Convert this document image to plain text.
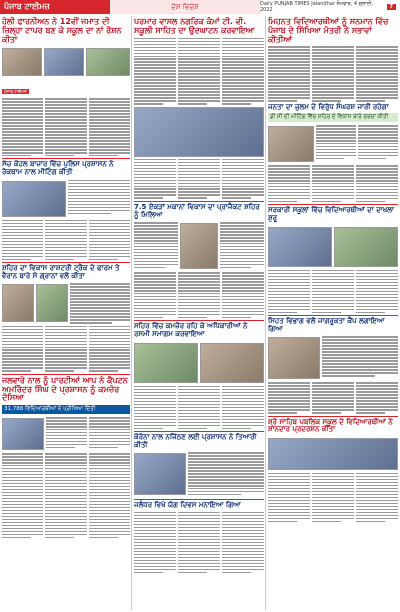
ਪੰਜਾਬ ਟਾਈਮਜ਼	ਦੇਸ਼ ਵਿਦੇਸ਼	Daily PUNJAB TIMES Jalandhar ਸੋਮਵਾਰ, 4 ਜੁਲਾਈ, 2022	7
ਹੋਲੀ ਫਾਰਨੀਅਨ ਨੇ 12ਵੀਂ ਜਮਾਤ ਦੀ ਜ਼ਿਲ੍ਹਾ ਟਾਪਰ ਬਣ ਕੇ ਸਕੂਲ ਦਾ ਨਾਂ ਰੌਸ਼ਨ ਕੀਤਾ
ਪੰਜਾਬ ਟਾਈਮਜ਼
ਸੱਚ ਕੋਹਲ ਬਾਜ਼ਾਰ ਵਿੱਚ ਪੁਲਿਸ ਪ੍ਰਸ਼ਾਸਨ ਨੇ ਰੋਕਥਾਮ ਨਾਲ ਮੀਟਿੰਗ ਕੀਤੀ
ਸ਼ਹਿਰ ਦਾ ਵਿਕਾਸ ਰਾਸ਼ਟਰੀ ਟ੍ਰੈਕ ਦੇ ਫਾਰਮ ਤੇ ਵੈਰਾਨ ਬਾਰੇ ਸੇ ਗ੍ਰਾਨਾਂ ਵਲੋਂ ਕੀਤਾ
ਜਲਵਾਰੇ ਨਾਲ ਨੂੰ ਪਾਰਟੀਆਂ ਆਪ ਨੇ ਕੈਪਟਨ ਅਮਰਿੰਦਰ ਸਿੰਘ ਦੇ ਪ੍ਰਸ਼ਾਸਨ ਨੂੰ ਕਮਜ਼ੋਰ ਦੱਸਿਆ
31,788 ਵਿਦਿਆਰਥੀਆਂ ਨੇ ਪ੍ਰੀਖਿਆ ਦਿੱਤੀ
ਪਰਮਾਰ ਵਾਸਲ ਨਗਰਿਕ ਕੰਮਾਂ ਟੀ. ਵੀ. ਸਕੂਲੀ ਸਾਹਿਤ ਦਾ ਉਦਘਾਟਨ ਕਰਵਾਇਆ
7.5 ਏਕੜਾਂ ਮਕਾਨਾਂ ਵਿਕਾਸ ਦਾ ਪ੍ਰਾਜੈਕਟ ਸ਼ਹਿਰ ਨੂੰ ਮਿਲਿਆ
ਸਹਿਰ ਵਿੱਚ ਕਮਜ਼ੋਰ ਰਹਿ ਕੇ ਅਧਿਕਾਰੀਆਂ ਨੇ ਰਸਮੀ ਸਮਾਗਮ ਕਰਵਾਇਆ
ਕੋਰੋਨਾ ਨਾਲ ਨਜਿੱਠਣ ਲਈ ਪ੍ਰਸ਼ਾਸਨ ਨੇ ਤਿਆਰੀ ਕੀਤੀ
ਜਲੰਧਰ ਵਿਖੇ ਯੋਗ ਦਿਵਸ ਮਨਾਇਆ ਗਿਆ
ਮਿਹਨਤ ਵਿਦਿਆਰਥੀਆਂ ਨੂੰ ਸਨਮਾਨ ਵਿੱਚ ਪੰਜਾਬ ਦੇ ਸਿੱਖਿਆ ਮੰਤਰੀ ਨੇ ਸਭਾਵਾਂ ਕੀਤੀਆਂ
ਜਨਤਾ ਦਾ ਜ਼ੁਲਮ ਦੇ ਵਿਰੁੱਧ ਸੰਘਰਸ਼ ਜਾਰੀ ਰਹੇਗਾ
ਡੀ ਸੀ ਦੀ ਮੀਟਿੰਗ ਵਿੱਚ ਸ਼ਹਿਰ ਦੇ ਵਿਕਾਸ ਬਾਰੇ ਚਰਚਾ ਕੀਤੀ
ਸਰਕਾਰੀ ਸਕੂਲਾਂ ਵਿੱਚ ਵਿਦਿਆਰਥੀਆਂ ਦਾ ਦਾਖਲਾ ਸ਼ੁਰੂ
ਸਿਹਤ ਵਿਭਾਗ ਵਲੋਂ ਜਾਗਰੂਕਤਾ ਕੈਂਪ ਲਗਾਇਆ ਗਿਆ
ਸ਼੍ਰੋ ਸਾਹਿਬ ਪਬਲਿਕ ਸਕੂਲ ਦੇ ਵਿਦਿਆਰਥੀਆਂ ਨੇ ਸ਼ਾਨਦਾਰ ਪ੍ਰਦਰਸ਼ਨ ਕੀਤਾ
